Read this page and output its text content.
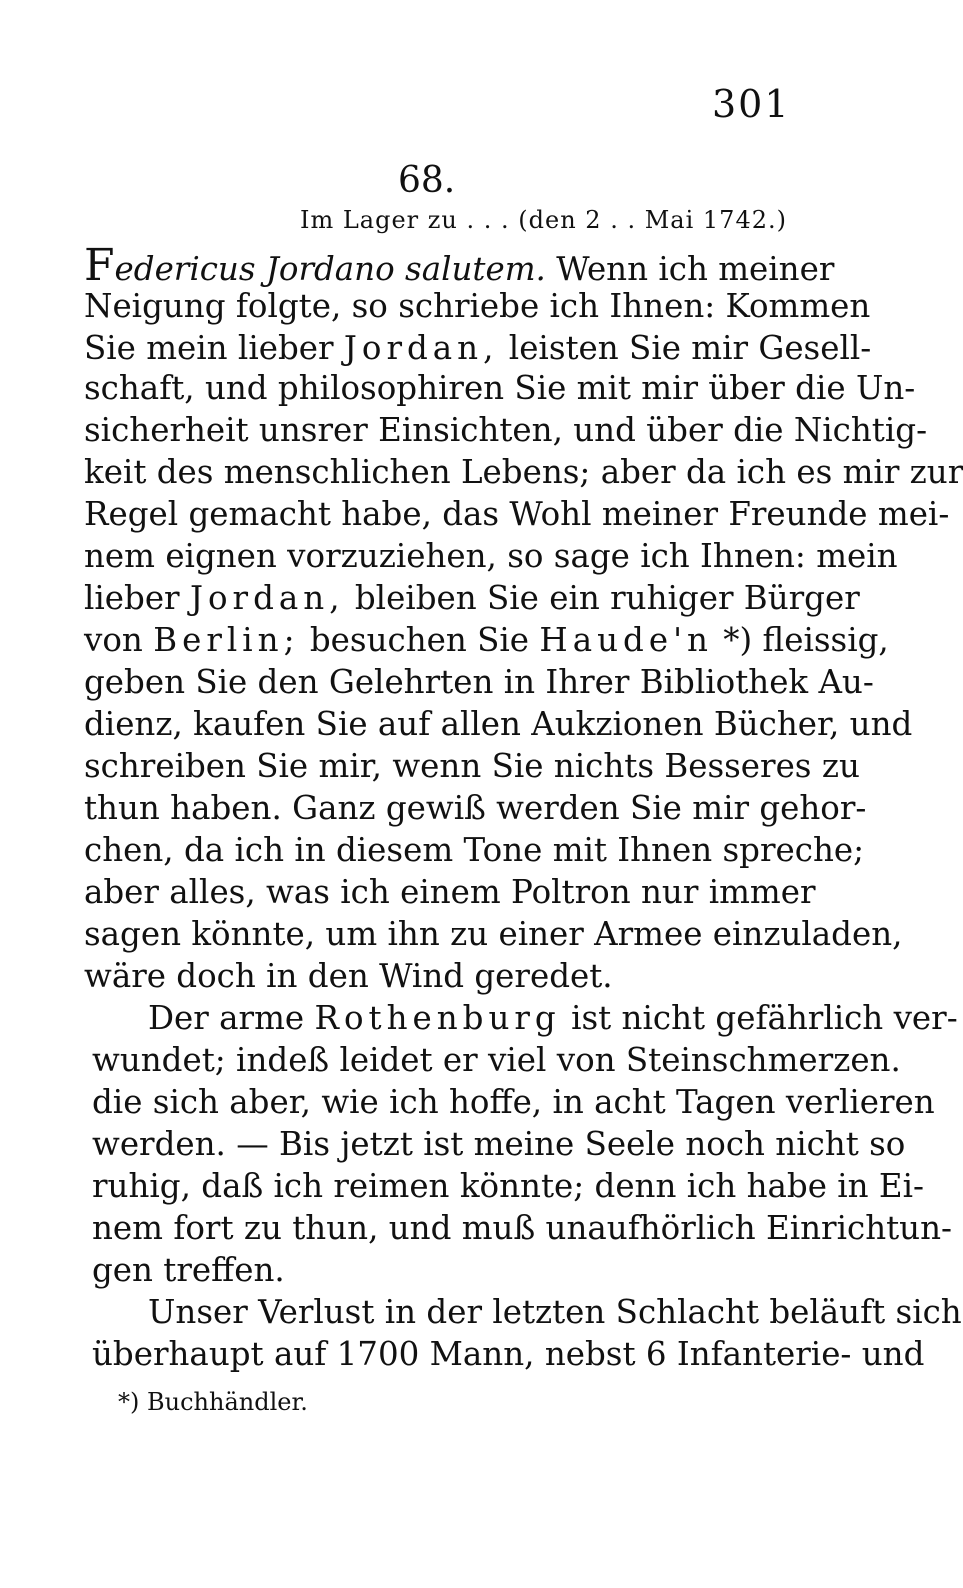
301
68.
Im Lager zu . . . (den 2 . . Mai 1742.)
Federicus Jordano salutem. Wenn ich meiner
Neigung folgte, so schriebe ich Ihnen: Kommen
Sie mein lieber Jordan, leisten Sie mir Gesell-
schaft, und philosophiren Sie mit mir über die Un-
sicherheit unsrer Einsichten, und über die Nichtig-
keit des menschlichen Lebens; aber da ich es mir zur
Regel gemacht habe, das Wohl meiner Freunde mei-
nem eignen vorzuziehen, so sage ich Ihnen: mein
lieber Jordan, bleiben Sie ein ruhiger Bürger
von Berlin; besuchen Sie Haude'n *) fleissig,
geben Sie den Gelehrten in Ihrer Bibliothek Au-
dienz, kaufen Sie auf allen Aukzionen Bücher, und
schreiben Sie mir, wenn Sie nichts Besseres zu
thun haben. Ganz gewiß werden Sie mir gehor-
chen, da ich in diesem Tone mit Ihnen spreche;
aber alles, was ich einem Poltron nur immer
sagen könnte, um ihn zu einer Armee einzuladen,
wäre doch in den Wind geredet.
Der arme Rothenburg ist nicht gefährlich ver-
wundet; indeß leidet er viel von Steinschmerzen.
die sich aber, wie ich hoffe, in acht Tagen verlieren
werden. — Bis jetzt ist meine Seele noch nicht so
ruhig, daß ich reimen könnte; denn ich habe in Ei-
nem fort zu thun, und muß unaufhörlich Einrichtun-
gen treffen.
Unser Verlust in der letzten Schlacht beläuft sich
überhaupt auf 1700 Mann, nebst 6 Infanterie- und
*) Buchhändler.
